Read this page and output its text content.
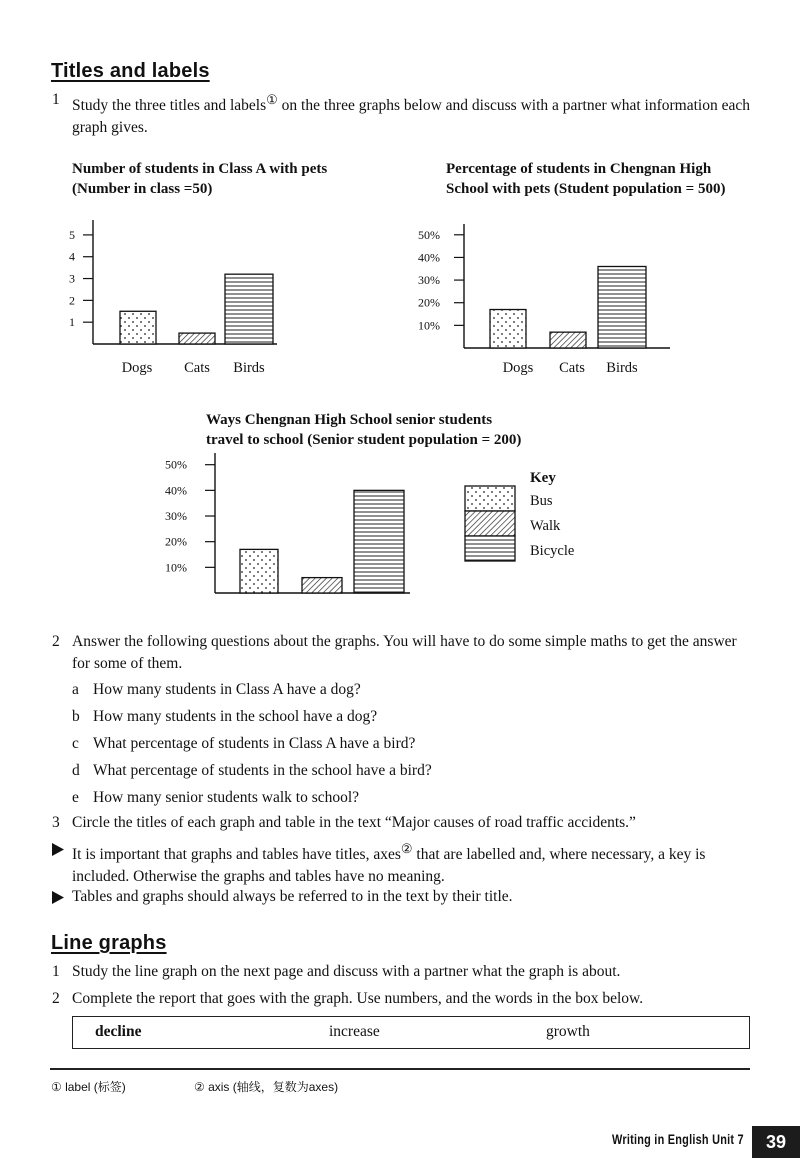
Titles and labels
1 Study the three titles and labels① on the three graphs below and discuss with a partner what information each graph gives.
Number of students in Class A with pets
(Number in class =50)
1
2
3
4
5
Dogs Cats Birds
Percentage of students in Chengnan High
School with pets (Student population = 500)
10%
20%
30%
40%
50%
Dogs Cats Birds
Ways Chengnan High School senior students
travel to school (Senior student population = 200)
10%
20%
30%
40%
50%
Key
Bus
Walk
Bicycle
2 Answer the following questions about the graphs. You will have to do some simple maths to get the answer for some of them.
a How many students in Class A have a dog?
b How many students in the school have a dog?
c What percentage of students in Class A have a bird?
d What percentage of students in the school have a bird?
e How many senior students walk to school?
3 Circle the titles of each graph and table in the text “Major causes of road traffic accidents.”
It is important that graphs and tables have titles, axes② that are labelled and, where necessary, a key is included. Otherwise the graphs and tables have no meaning.
Tables and graphs should always be referred to in the text by their title.
Line graphs
1 Study the line graph on the next page and discuss with a partner what the graph is about.
2 Complete the report that goes with the graph. Use numbers, and the words in the box below.
decline	increase	growth
① label (标签)	② axis (轴线，复数为axes)
Writing in English Unit 7	39
